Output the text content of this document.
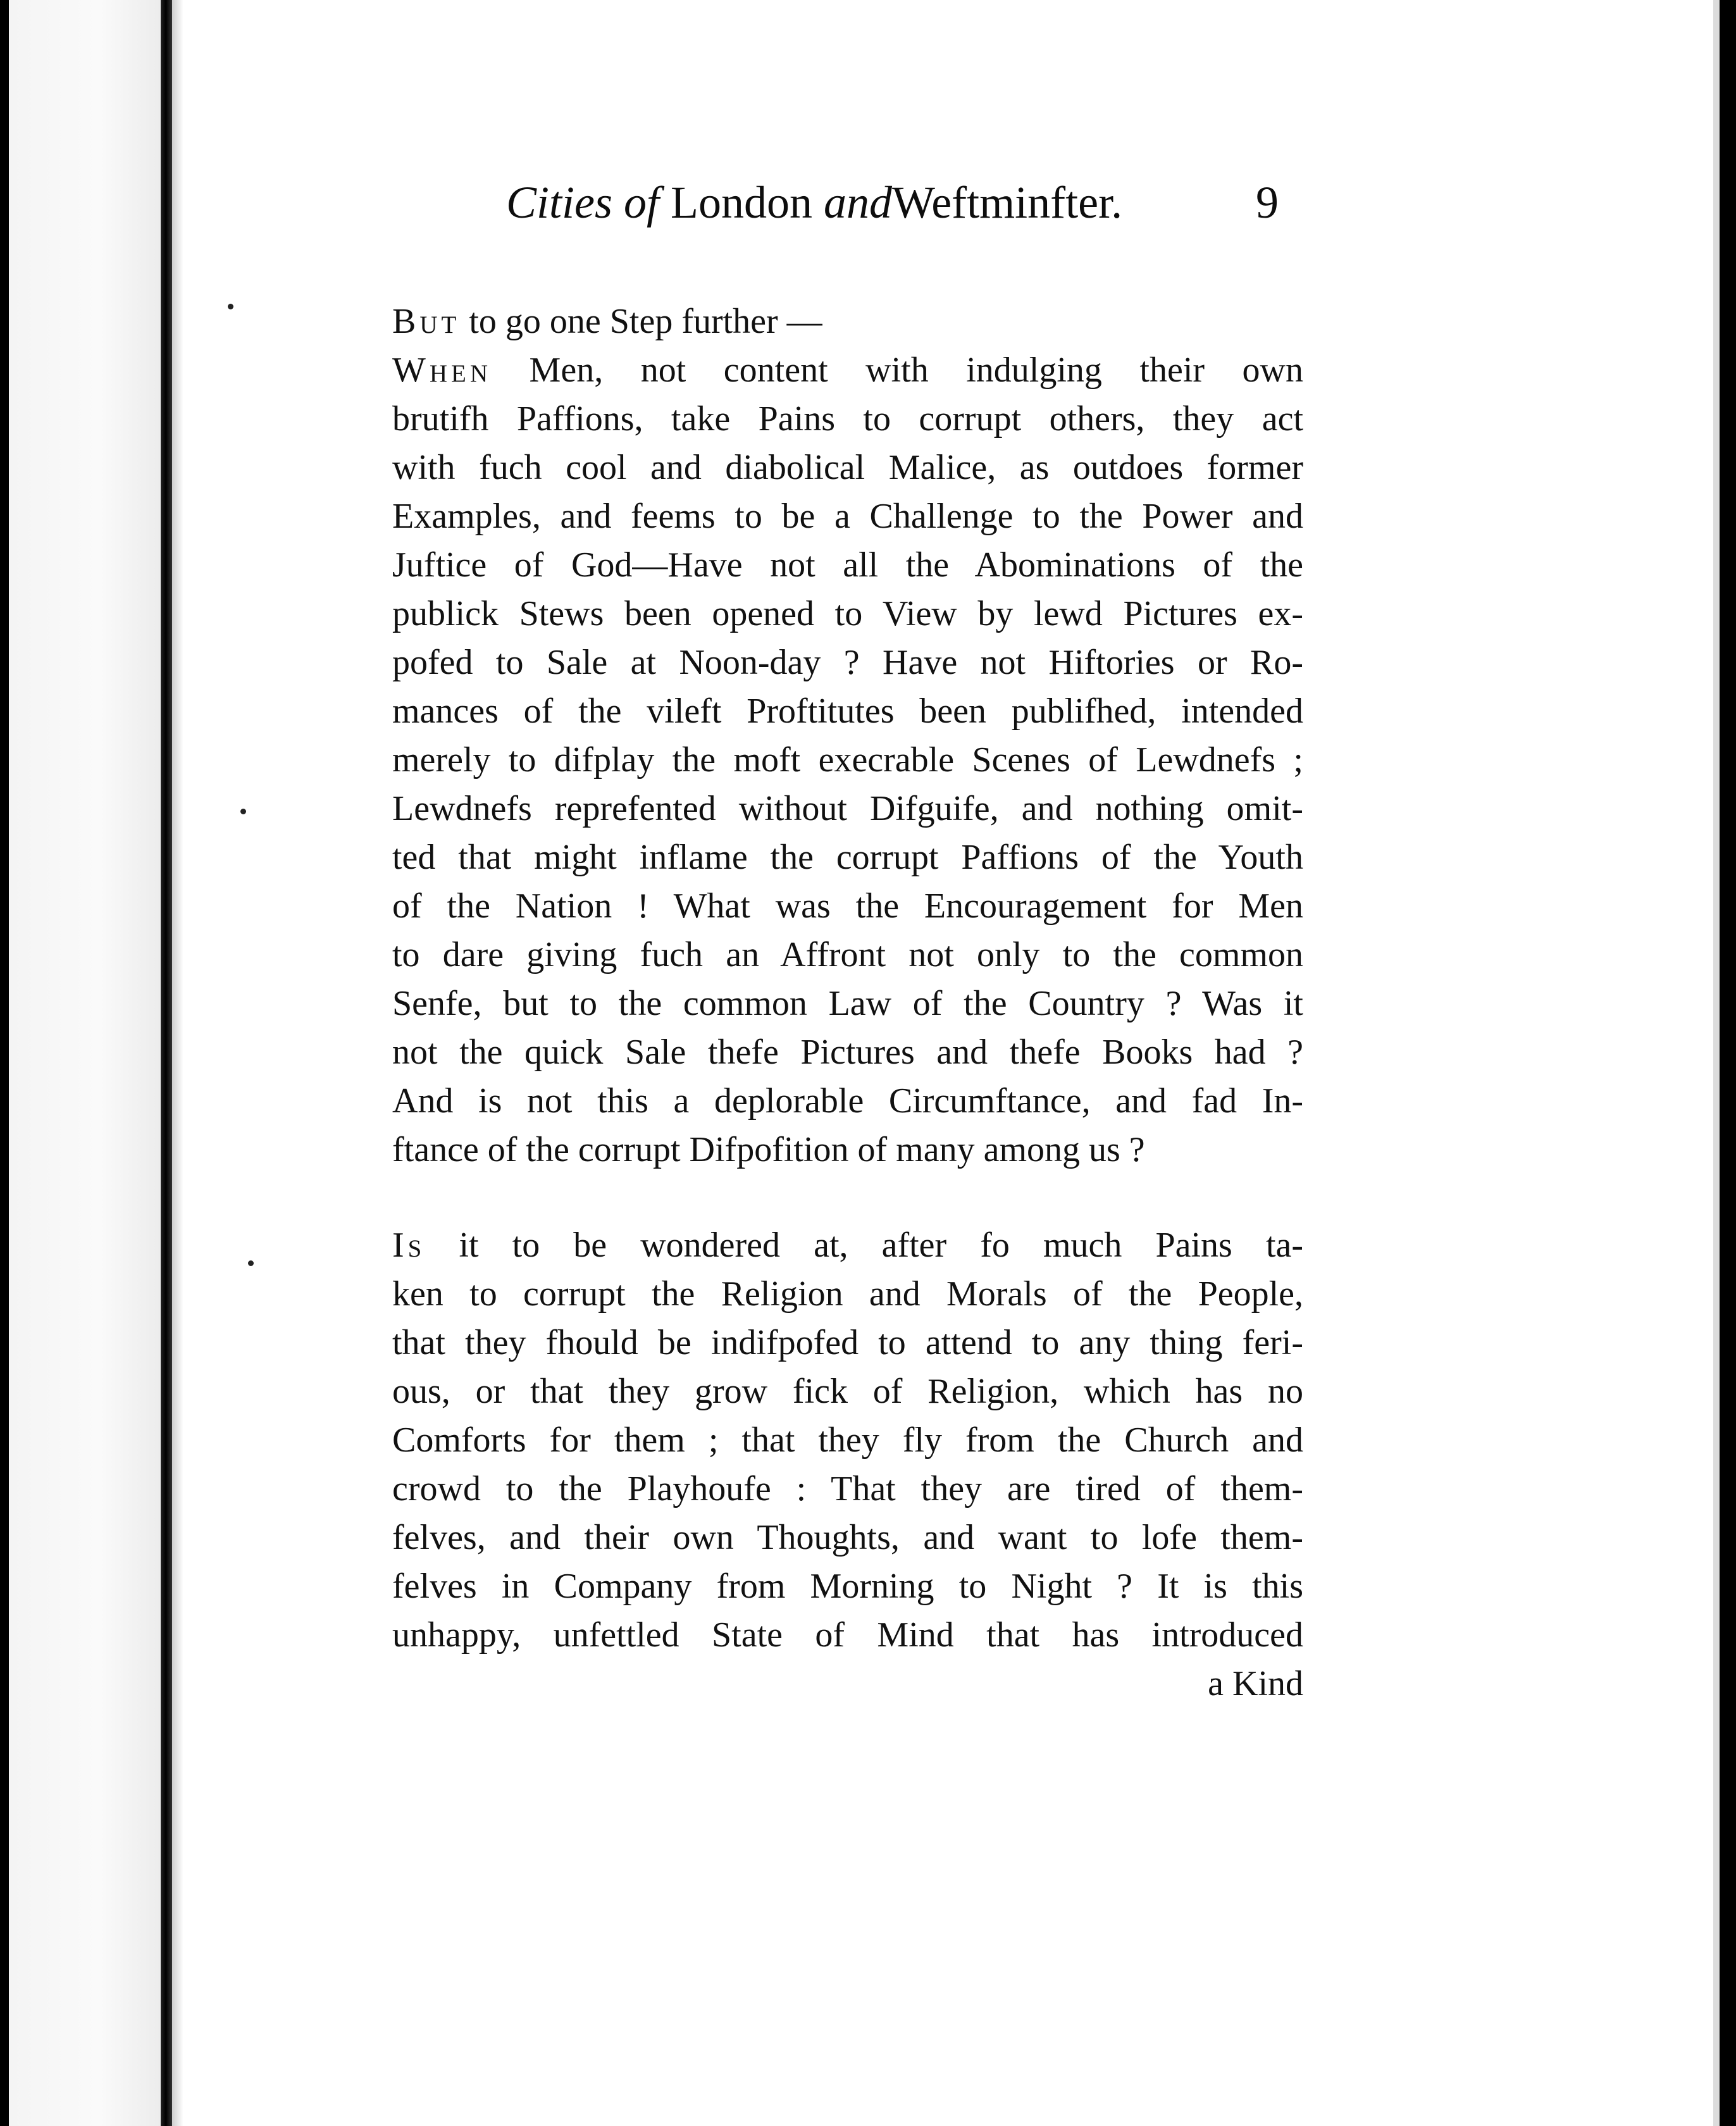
Cities of London andWeftminfter.	9
But to go one Step further —
When Men, not content with indulging their own
brutifh Paffions, take Pains to corrupt others, they act
with fuch cool and diabolical Malice, as outdoes former
Examples, and feems to be a Challenge to the Power and
Juftice of God—Have not all the Abominations of the
publick Stews been opened to View by lewd Pictures ex-
pofed to Sale at Noon-day ? Have not Hiftories or Ro-
mances of the vileft Proftitutes been publifhed, intended
merely to difplay the moft execrable Scenes of Lewdnefs ;
Lewdnefs reprefented without Difguife, and nothing omit-
ted that might inflame the corrupt Paffions of the Youth
of the Nation ! What was the Encouragement for Men
to dare giving fuch an Affront not only to the common
Senfe, but to the common Law of the Country ? Was it
not the quick Sale thefe Pictures and thefe Books had ?
And is not this a deplorable Circumftance, and fad In-
ftance of the corrupt Difpofition of many among us ?
Is it to be wondered at, after fo much Pains ta-
ken to corrupt the Religion and Morals of the People,
that they fhould be indifpofed to attend to any thing feri-
ous, or that they grow fick of Religion, which has no
Comforts for them ; that they fly from the Church and
crowd to the Playhoufe : That they are tired of them-
felves, and their own Thoughts, and want to lofe them-
felves in Company from Morning to Night ? It is this
unhappy, unfettled State of Mind that has introduced
a Kind
